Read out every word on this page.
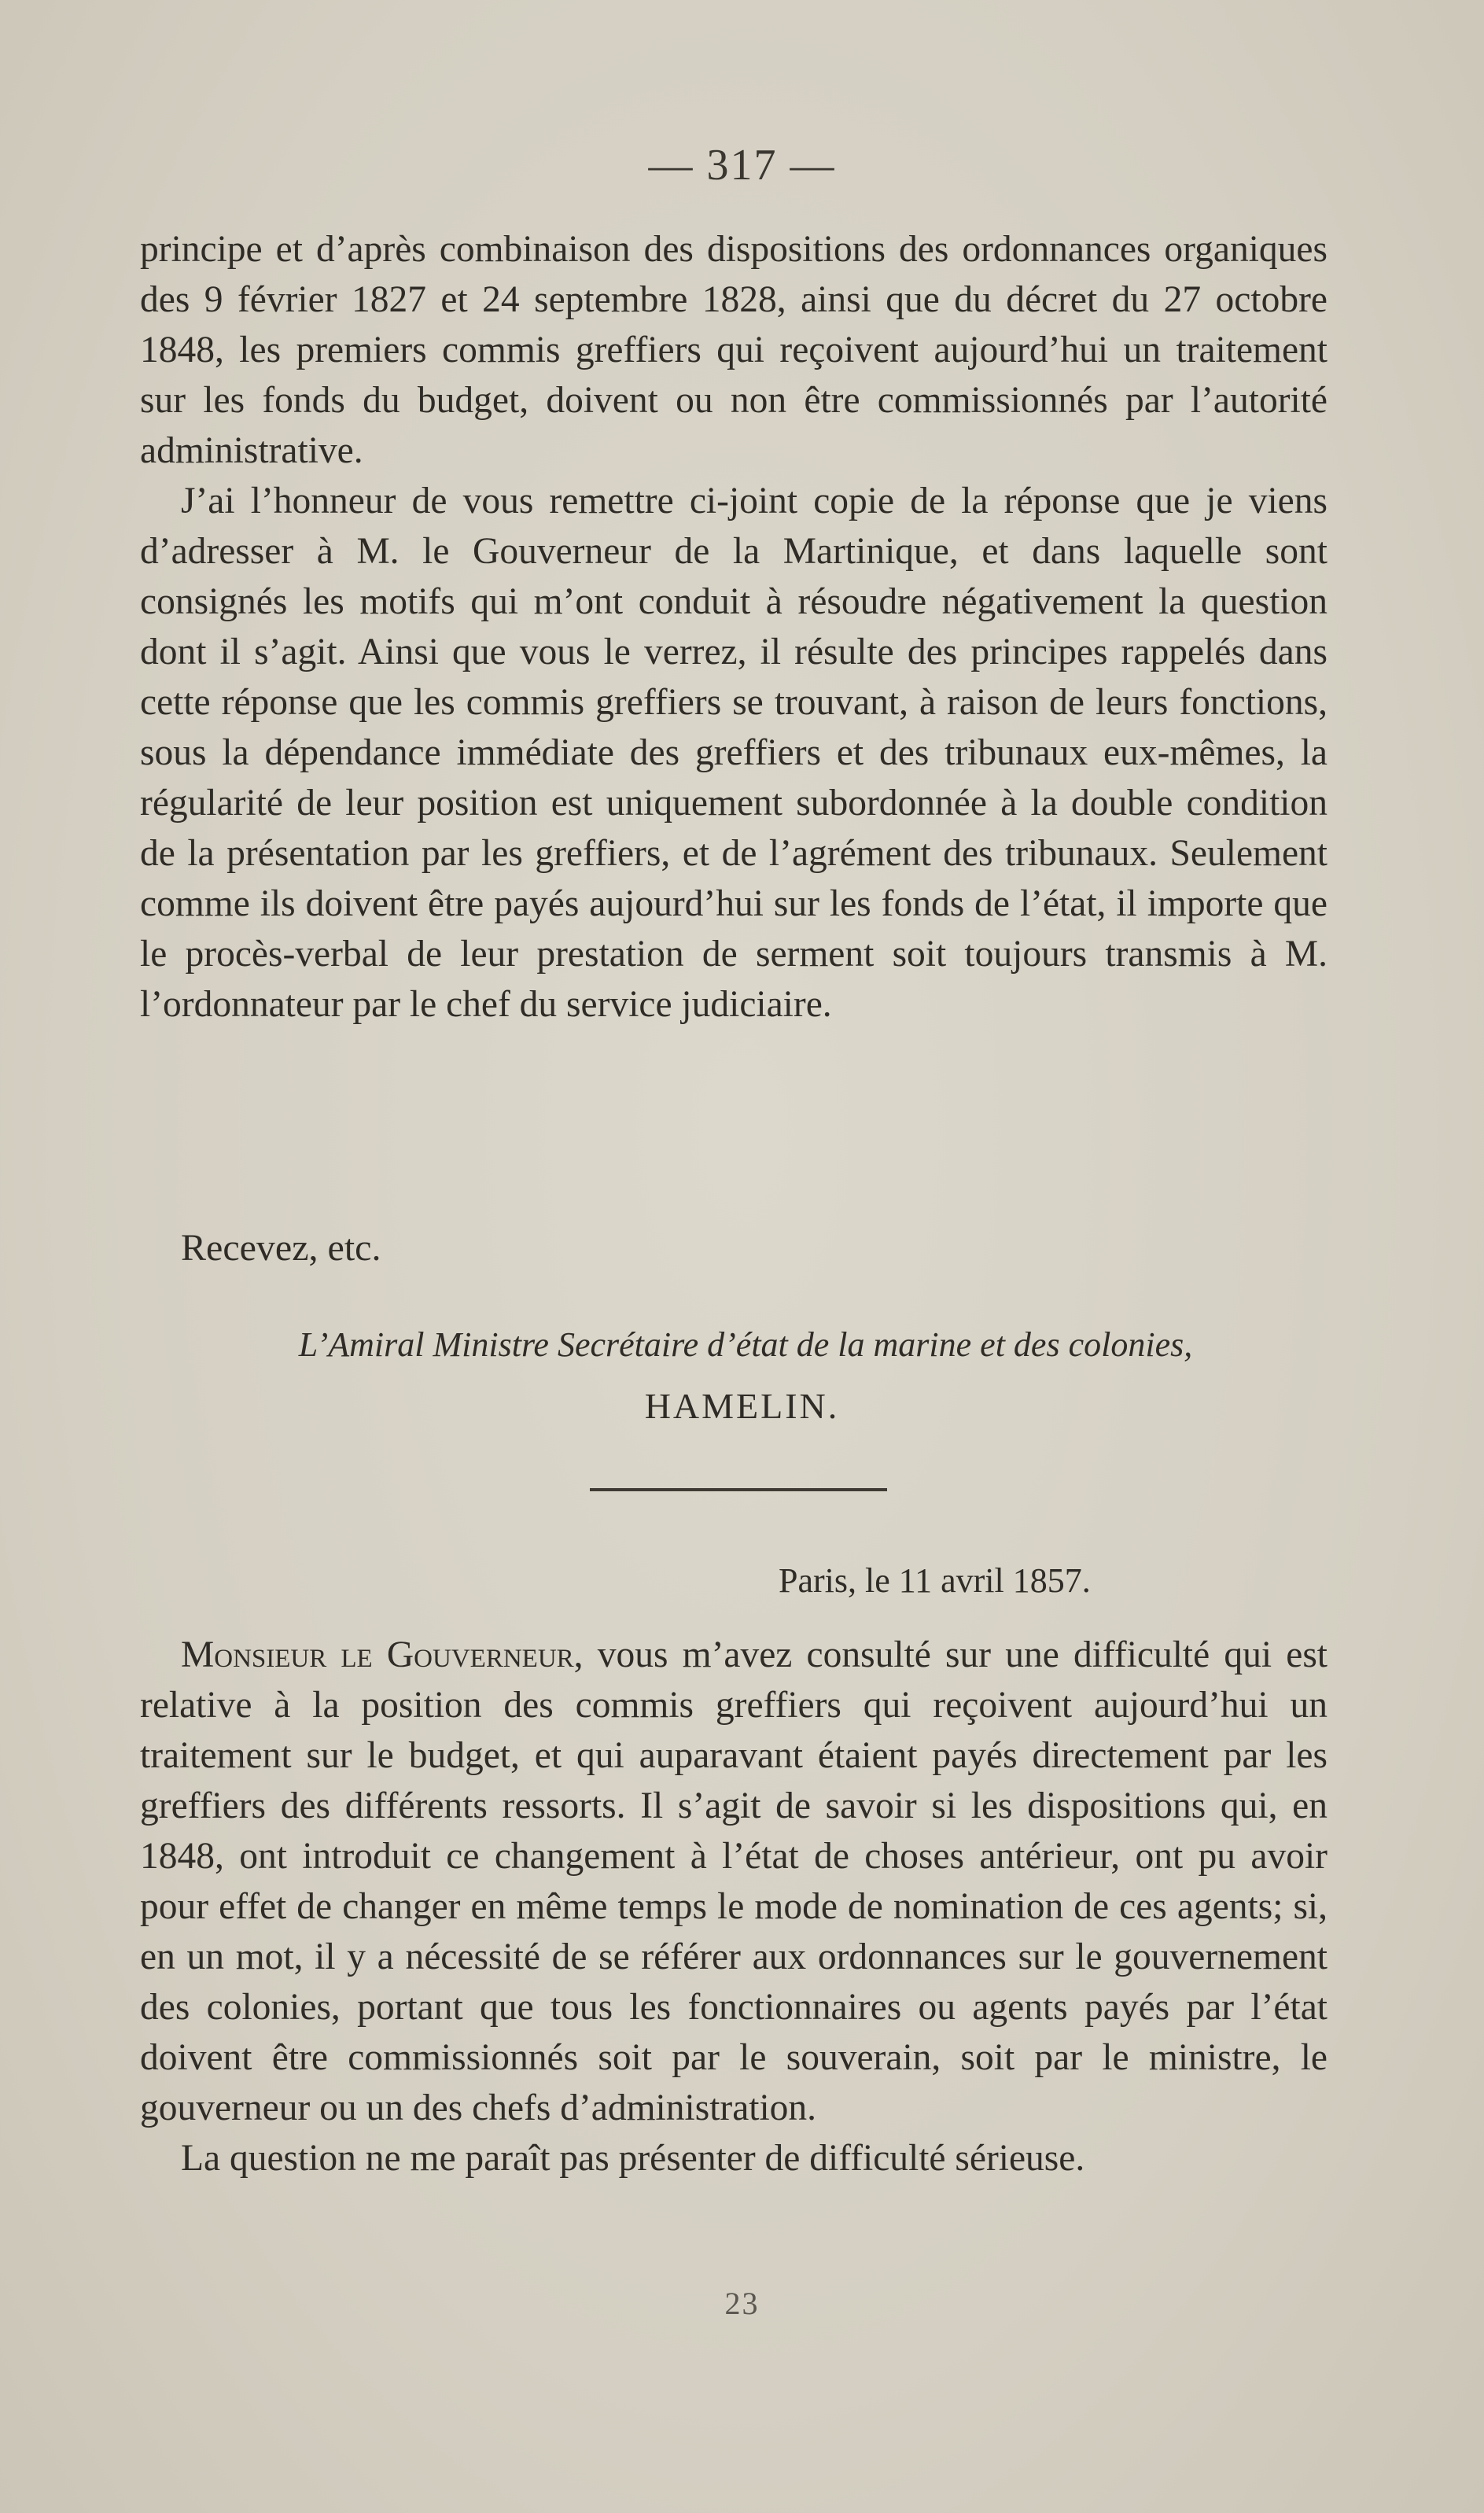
— 317 —

principe et d’après combinaison des dispositions des ordonnances organiques des 9 février 1827 et 24 septembre 1828, ainsi que du décret du 27 octobre 1848, les premiers commis greffiers qui reçoivent aujourd’hui un traitement sur les fonds du budget, doivent ou non être commissionnés par l’autorité administrative.

J’ai l’honneur de vous remettre ci-joint copie de la réponse que je viens d’adresser à M. le Gouverneur de la Martinique, et dans laquelle sont consignés les motifs qui m’ont conduit à résoudre négativement la question dont il s’agit. Ainsi que vous le verrez, il résulte des principes rappelés dans cette réponse que les commis greffiers se trouvant, à raison de leurs fonctions, sous la dépendance immédiate des greffiers et des tribunaux eux-mêmes, la régularité de leur position est uniquement subordonnée à la double condition de la présentation par les greffiers, et de l’agrément des tribunaux. Seulement comme ils doivent être payés aujourd’hui sur les fonds de l’état, il importe que le procès-verbal de leur prestation de serment soit toujours transmis à M. l’ordonnateur par le chef du service judiciaire.

Recevez, etc.
L’Amiral Ministre Secrétaire d’état de la marine et des colonies,
HAMELIN.
Paris, le 11 avril 1857.

Monsieur le Gouverneur, vous m’avez consulté sur une difficulté qui est relative à la position des commis greffiers qui reçoivent aujourd’hui un traitement sur le budget, et qui auparavant étaient payés directement par les greffiers des différents ressorts. Il s’agit de savoir si les dispositions qui, en 1848, ont introduit ce changement à l’état de choses antérieur, ont pu avoir pour effet de changer en même temps le mode de nomination de ces agents; si, en un mot, il y a nécessité de se référer aux ordonnances sur le gouvernement des colonies, portant que tous les fonctionnaires ou agents payés par l’état doivent être commissionnés soit par le souverain, soit par le ministre, le gouverneur ou un des chefs d’administration.

La question ne me paraît pas présenter de difficulté sérieuse.

23
